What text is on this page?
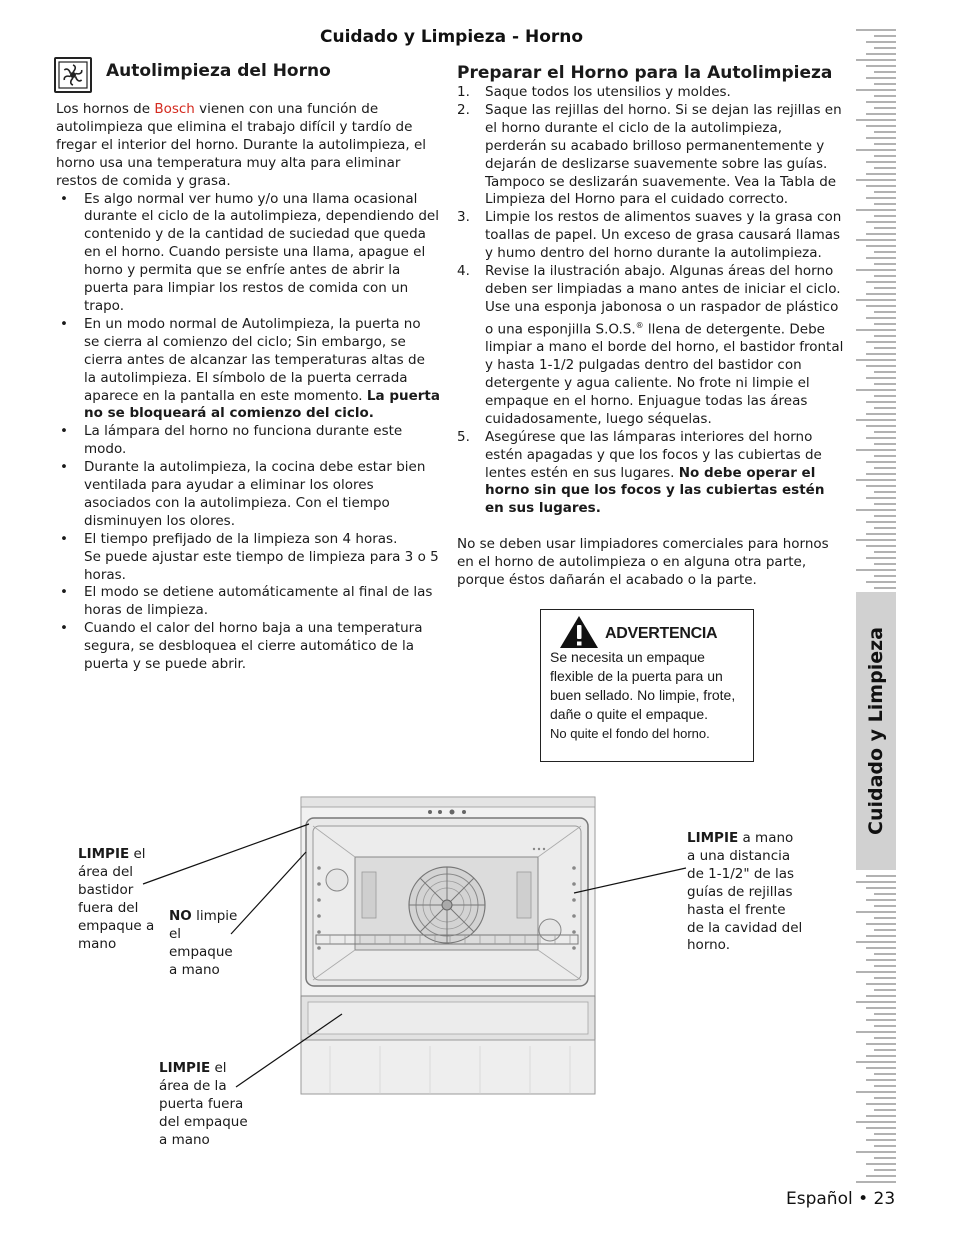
Cuidado y Limpieza - Horno
Autolimpieza del Horno	Preparar el Horno para la Autolimpieza

Los hornos de Bosch vienen con una función de autolimpieza que elimina el trabajo difícil y tardío de fregar el interior del horno. Durante la autolimpieza, el horno usa una temperatura muy alta para eliminar restos de comida y grasa.

• Es algo normal ver humo y/o una llama ocasional durante el ciclo de la autolimpieza, dependiendo del contenido y de la cantidad de suciedad que queda en el horno. Cuando persiste una llama, apague el horno y permita que se enfríe antes de abrir la puerta para limpiar los restos de comida con un trapo.
• En un modo normal de Autolimpieza, la puerta no se cierra al comienzo del ciclo; Sin embargo, se cierra antes de alcanzar las temperaturas altas de la autolimpieza. El símbolo de la puerta cerrada aparece en la pantalla en este momento. La puerta no se bloqueará al comienzo del ciclo.
• La lámpara del horno no funciona durante este modo.
• Durante la autolimpieza, la cocina debe estar bien ventilada para ayudar a eliminar los olores asociados con la autolimpieza. Con el tiempo disminuyen los olores.
• El tiempo prefijado de la limpieza son 4 horas.
Se puede ajustar este tiempo de limpieza para 3 o 5 horas.
• El modo se detiene automáticamente al final de las horas de limpieza.
• Cuando el calor del horno baja a una temperatura segura, se desbloquea el cierre automático de la puerta y se puede abrir.
1. Saque todos los utensilios y moldes.
2. Saque las rejillas del horno. Si se dejan las rejillas en el horno durante el ciclo de la autolimpieza, perderán su acabado brilloso permanentemente y dejarán de deslizarse suavemente sobre las guías. Tampoco se deslizarán suavemente. Vea la Tabla de Limpieza del Horno para el cuidado correcto.
3. Limpie los restos de alimentos suaves y la grasa con toallas de papel. Un exceso de grasa causará llamas y humo dentro del horno durante la autolimpieza.
4. Revise la ilustración abajo. Algunas áreas del horno deben ser limpiadas a mano antes de iniciar el ciclo. Use una esponja jabonosa o un raspador de plástico o una esponjilla S.O.S.® llena de detergente. Debe limpiar a mano el borde del horno, el bastidor frontal y hasta 1-1/2 pulgadas dentro del bastidor con detergente y agua caliente. No frote ni limpie el empaque en el horno. Enjuague todas las áreas cuidadosamente, luego séquelas.
5. Asegúrese que las lámparas interiores del horno estén apagadas y que los focos y las cubiertas de lentes estén en sus lugares. No debe operar el horno sin que los focos y las cubiertas estén en sus lugares.

No se deben usar limpiadores comerciales para hornos en el horno de autolimpieza o en alguna otra parte, porque éstos dañarán el acabado o la parte.

ADVERTENCIA
Se necesita un empaque flexible de la puerta para un buen sellado. No limpie, frote, dañe o quite el empaque.
No quite el fondo del horno.
LIMPIE el área del bastidor fuera del empaque a mano
NO limpie el empaque a mano
LIMPIE el área de la puerta fuera del empaque a mano
LIMPIE a mano a una distancia de 1-1/2" de las guías de rejillas hasta el frente de la cavidad del horno.
Cuidado y Limpieza
Español • 23
